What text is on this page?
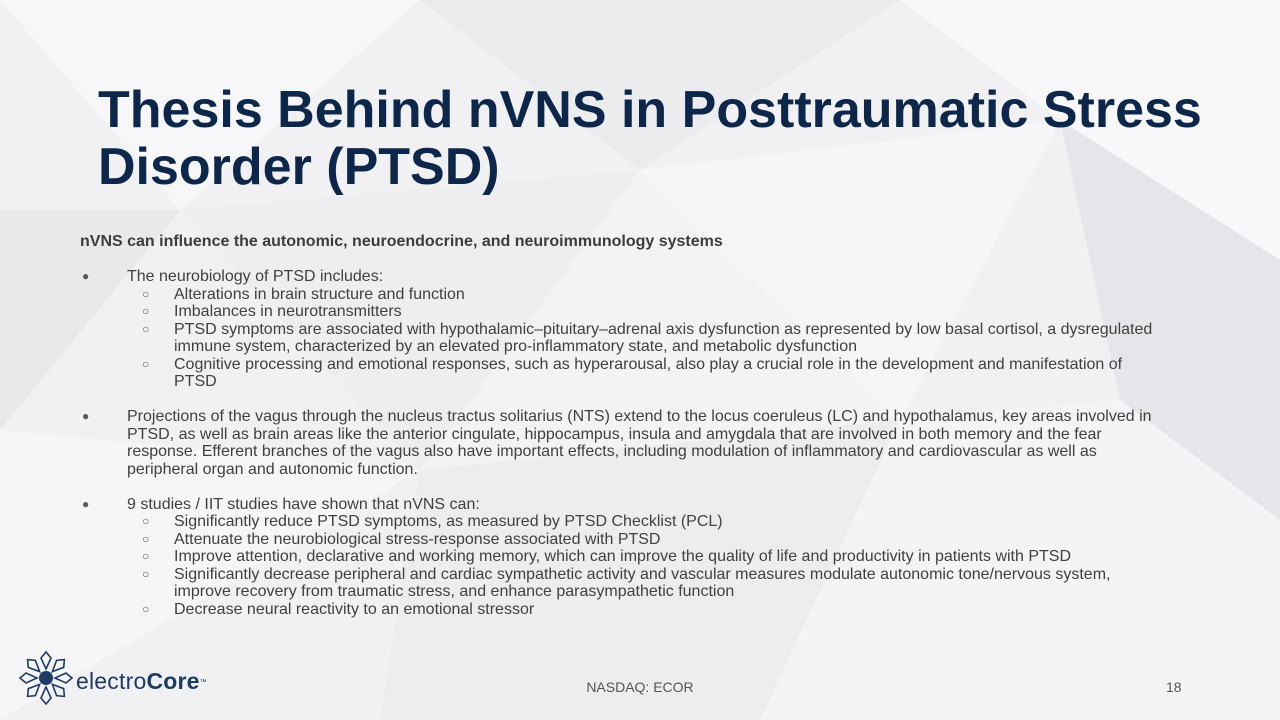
Thesis Behind nVNS in Posttraumatic Stress Disorder (PTSD)

nVNS can influence the autonomic, neuroendocrine, and neuroimmunology systems

● The neurobiology of PTSD includes:
○ Alterations in brain structure and function
○ Imbalances in neurotransmitters
○ PTSD symptoms are associated with hypothalamic–pituitary–adrenal axis dysfunction as represented by low basal cortisol, a dysregulated immune system, characterized by an elevated pro-inflammatory state, and metabolic dysfunction
○ Cognitive processing and emotional responses, such as hyperarousal, also play a crucial role in the development and manifestation of PTSD
● Projections of the vagus through the nucleus tractus solitarius (NTS) extend to the locus coeruleus (LC) and hypothalamus, key areas involved in PTSD, as well as brain areas like the anterior cingulate, hippocampus, insula and amygdala that are involved in both memory and the fear response. Efferent branches of the vagus also have important effects, including modulation of inflammatory and cardiovascular as well as peripheral organ and autonomic function.
● 9 studies / IIT studies have shown that nVNS can:
○ Significantly reduce PTSD symptoms, as measured by PTSD Checklist (PCL)
○ Attenuate the neurobiological stress-response associated with PTSD
○ Improve attention, declarative and working memory, which can improve the quality of life and productivity in patients with PTSD
○ Significantly decrease peripheral and cardiac sympathetic activity and vascular measures modulate autonomic tone/nervous system, improve recovery from traumatic stress, and enhance parasympathetic function
○ Decrease neural reactivity to an emotional stressor
electroCore™	NASDAQ: ECOR	18
